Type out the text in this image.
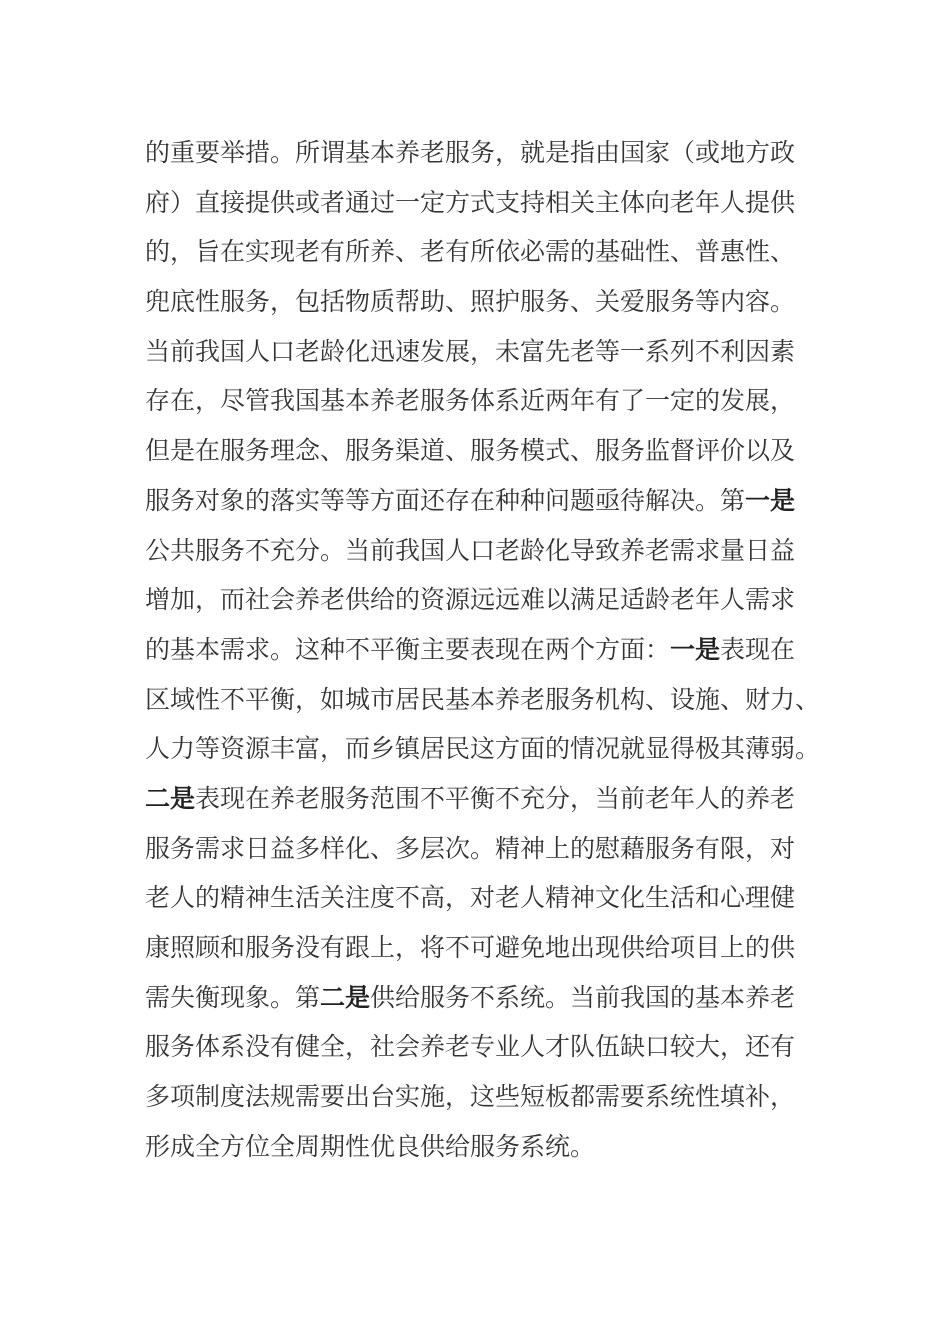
的重要举措。所谓基本养老服务，就是指由国家（或地方政
府）直接提供或者通过一定方式支持相关主体向老年人提供
的，旨在实现老有所养、老有所依必需的基础性、普惠性、
兜底性服务，包括物质帮助、照护服务、关爱服务等内容。
当前我国人口老龄化迅速发展，未富先老等一系列不利因素
存在，尽管我国基本养老服务体系近两年有了一定的发展，
但是在服务理念、服务渠道、服务模式、服务监督评价以及
服务对象的落实等等方面还存在种种问题亟待解决。第一是
公共服务不充分。当前我国人口老龄化导致养老需求量日益
增加，而社会养老供给的资源远远难以满足适龄老年人需求
的基本需求。这种不平衡主要表现在两个方面：一是表现在
区域性不平衡，如城市居民基本养老服务机构、设施、财力、
人力等资源丰富，而乡镇居民这方面的情况就显得极其薄弱。
二是表现在养老服务范围不平衡不充分，当前老年人的养老
服务需求日益多样化、多层次。精神上的慰藉服务有限，对
老人的精神生活关注度不高，对老人精神文化生活和心理健
康照顾和服务没有跟上，将不可避免地出现供给项目上的供
需失衡现象。第二是供给服务不系统。当前我国的基本养老
服务体系没有健全，社会养老专业人才队伍缺口较大，还有
多项制度法规需要出台实施，这些短板都需要系统性填补，
形成全方位全周期性优良供给服务系统。
